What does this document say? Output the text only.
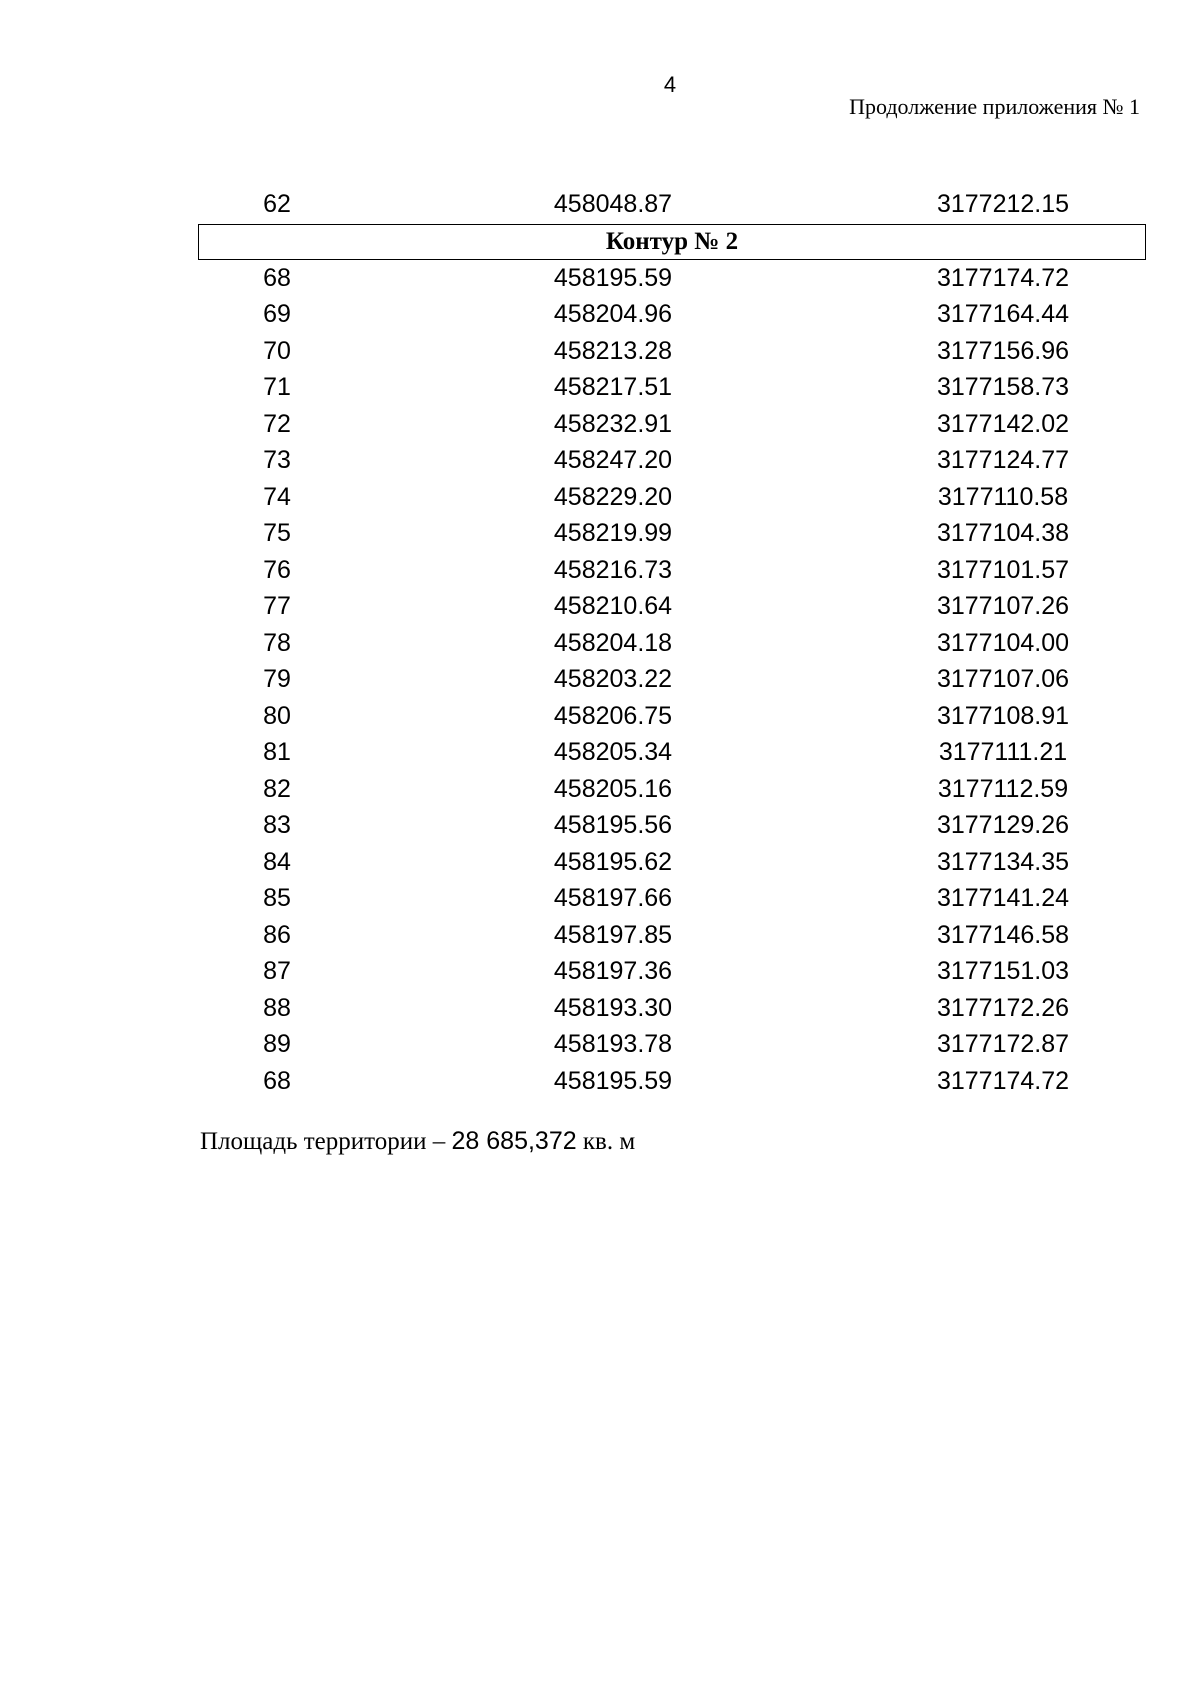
4
Продолжение приложения № 1
62	458048.87	3177212.15
Контур № 2
68	458195.59	3177174.72
69	458204.96	3177164.44
70	458213.28	3177156.96
71	458217.51	3177158.73
72	458232.91	3177142.02
73	458247.20	3177124.77
74	458229.20	3177110.58
75	458219.99	3177104.38
76	458216.73	3177101.57
77	458210.64	3177107.26
78	458204.18	3177104.00
79	458203.22	3177107.06
80	458206.75	3177108.91
81	458205.34	3177111.21
82	458205.16	3177112.59
83	458195.56	3177129.26
84	458195.62	3177134.35
85	458197.66	3177141.24
86	458197.85	3177146.58
87	458197.36	3177151.03
88	458193.30	3177172.26
89	458193.78	3177172.87
68	458195.59	3177174.72
Площадь территории – 28 685,372 кв. м
